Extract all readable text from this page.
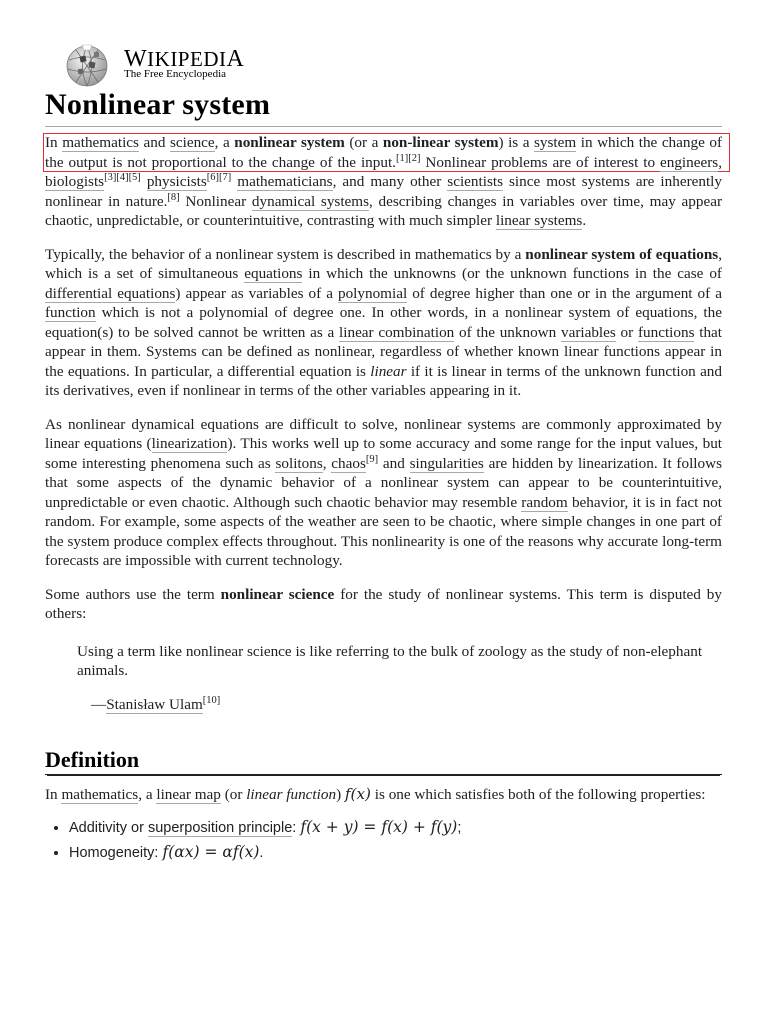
WIKIPEDIA
The Free Encyclopedia
Nonlinear system

In mathematics and science, a nonlinear system (or a non-linear system) is a system in which the change of the output is not proportional to the change of the input.[1][2] Nonlinear problems are of interest to engineers, biologists[3][4][5] physicists[6][7] mathematicians, and many other scientists since most systems are inherently nonlinear in nature.[8] Nonlinear dynamical systems, describing changes in variables over time, may appear chaotic, unpredictable, or counterintuitive, contrasting with much simpler linear systems.

Typically, the behavior of a nonlinear system is described in mathematics by a nonlinear system of equations, which is a set of simultaneous equations in which the unknowns (or the unknown functions in the case of differential equations) appear as variables of a polynomial of degree higher than one or in the argument of a function which is not a polynomial of degree one. In other words, in a nonlinear system of equations, the equation(s) to be solved cannot be written as a linear combination of the unknown variables or functions that appear in them. Systems can be defined as nonlinear, regardless of whether known linear functions appear in the equations. In particular, a differential equation is linear if it is linear in terms of the unknown function and its derivatives, even if nonlinear in terms of the other variables appearing in it.

As nonlinear dynamical equations are difficult to solve, nonlinear systems are commonly approximated by linear equations (linearization). This works well up to some accuracy and some range for the input values, but some interesting phenomena such as solitons, chaos[9] and singularities are hidden by linearization. It follows that some aspects of the dynamic behavior of a nonlinear system can appear to be counterintuitive, unpredictable or even chaotic. Although such chaotic behavior may resemble random behavior, it is in fact not random. For example, some aspects of the weather are seen to be chaotic, where simple changes in one part of the system produce complex effects throughout. This nonlinearity is one of the reasons why accurate long-term forecasts are impossible with current technology.

Some authors use the term nonlinear science for the study of nonlinear systems. This term is disputed by others:

Using a term like nonlinear science is like referring to the bulk of zoology as the study of non-elephant animals.

—Stanisław Ulam[10]
Definition

In mathematics, a linear map (or linear function) f(x) is one which satisfies both of the following properties:

• Additivity or superposition principle: f(x + y) = f(x) + f(y);
• Homogeneity: f(αx) = αf(x).
